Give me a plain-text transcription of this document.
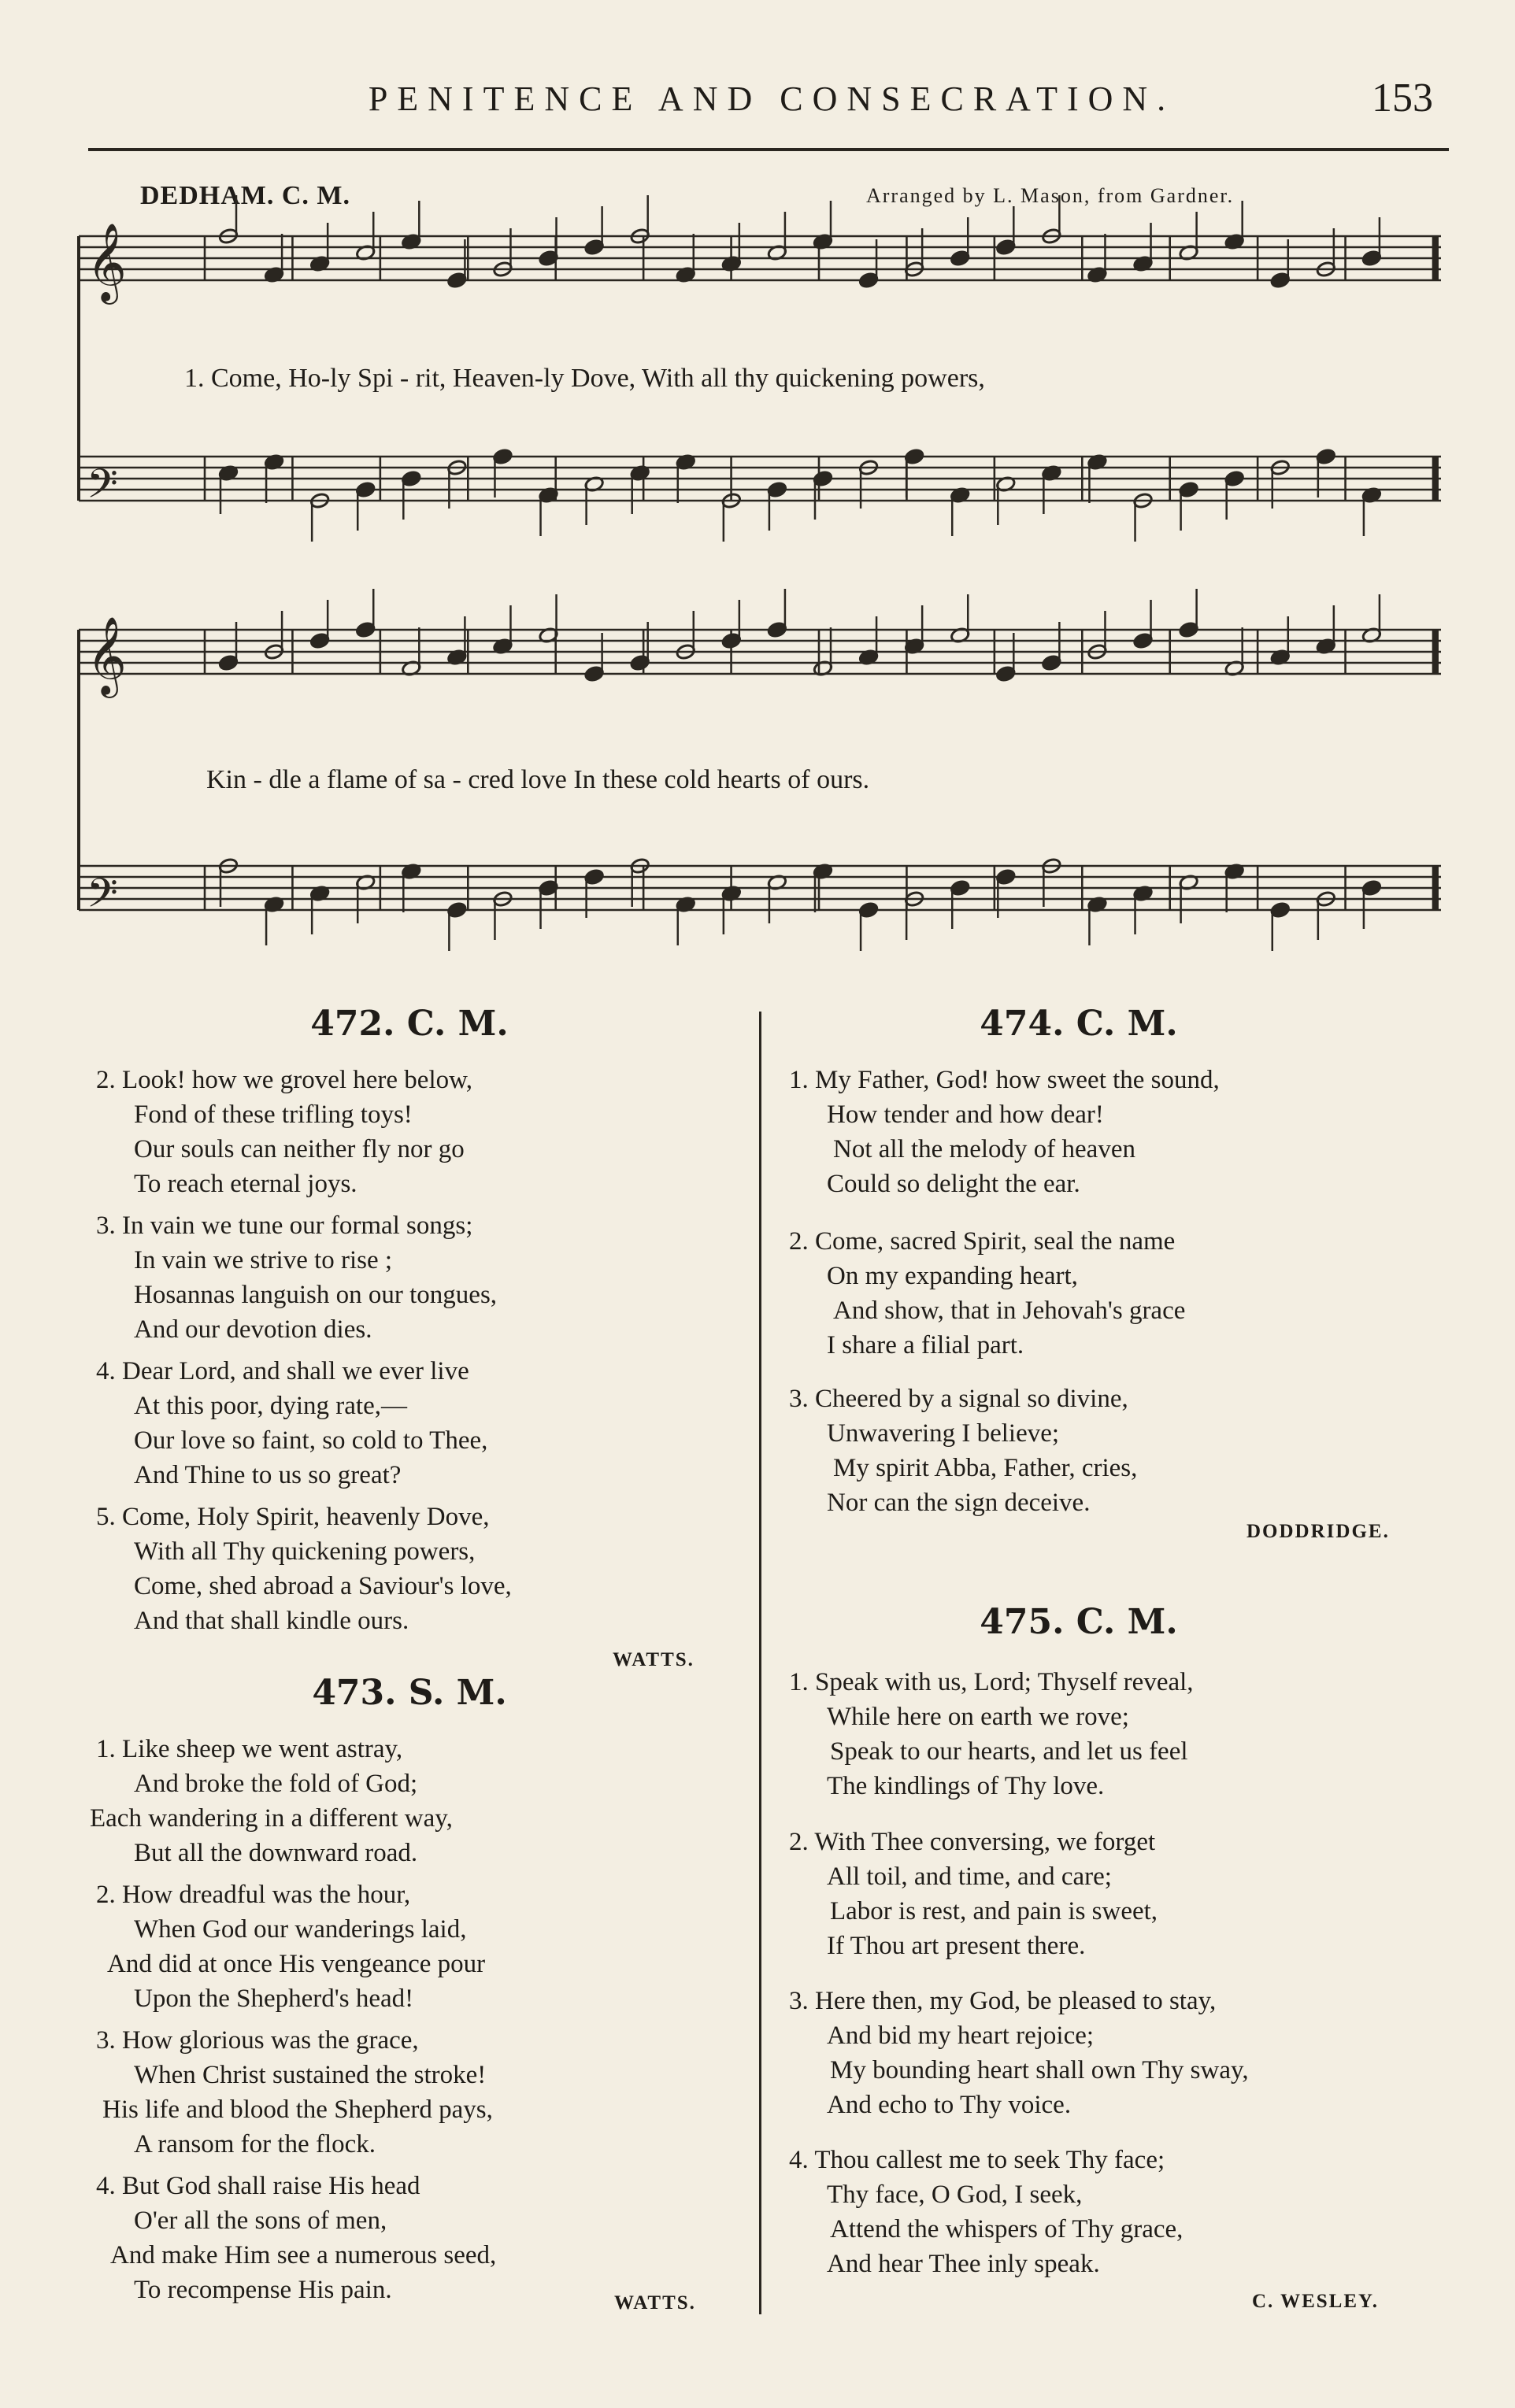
PENITENCE AND CONSECRATION.	153
DEDHAM. C. M.	Arranged by L. Mason, from Gardner.
𝄞
𝄢
𝄞
𝄢
1. Come, Ho-ly Spi - rit, Heaven-ly Dove, With all thy quickening powers,
Kin - dle a flame of sa - cred love In these cold hearts of ours.
472. C. M.
2. Look! how we grovel here below,
Fond of these trifling toys!
Our souls can neither fly nor go
To reach eternal joys.
3. In vain we tune our formal songs;
In vain we strive to rise ;
Hosannas languish on our tongues,
And our devotion dies.
4. Dear Lord, and shall we ever live
At this poor, dying rate,—
Our love so faint, so cold to Thee,
And Thine to us so great?
5. Come, Holy Spirit, heavenly Dove,
With all Thy quickening powers,
Come, shed abroad a Saviour's love,
And that shall kindle ours.
WATTS.
473. S. M.
1. Like sheep we went astray,
And broke the fold of God;
Each wandering in a different way,
But all the downward road.
2. How dreadful was the hour,
When God our wanderings laid,
And did at once His vengeance pour
Upon the Shepherd's head!
3. How glorious was the grace,
When Christ sustained the stroke!
His life and blood the Shepherd pays,
A ransom for the flock.
4. But God shall raise His head
O'er all the sons of men,
And make Him see a numerous seed,
To recompense His pain.	WATTS.
474. C. M.
1. My Father, God! how sweet the sound,
How tender and how dear!
Not all the melody of heaven
Could so delight the ear.
2. Come, sacred Spirit, seal the name
On my expanding heart,
And show, that in Jehovah's grace
I share a filial part.
3. Cheered by a signal so divine,
Unwavering I believe;
My spirit Abba, Father, cries,
Nor can the sign deceive.
DODDRIDGE.
475. C. M.
1. Speak with us, Lord; Thyself reveal,
While here on earth we rove;
Speak to our hearts, and let us feel
The kindlings of Thy love.
2. With Thee conversing, we forget
All toil, and time, and care;
Labor is rest, and pain is sweet,
If Thou art present there.
3. Here then, my God, be pleased to stay,
And bid my heart rejoice;
My bounding heart shall own Thy sway,
And echo to Thy voice.
4. Thou callest me to seek Thy face;
Thy face, O God, I seek,
Attend the whispers of Thy grace,
And hear Thee inly speak.
C. WESLEY.
